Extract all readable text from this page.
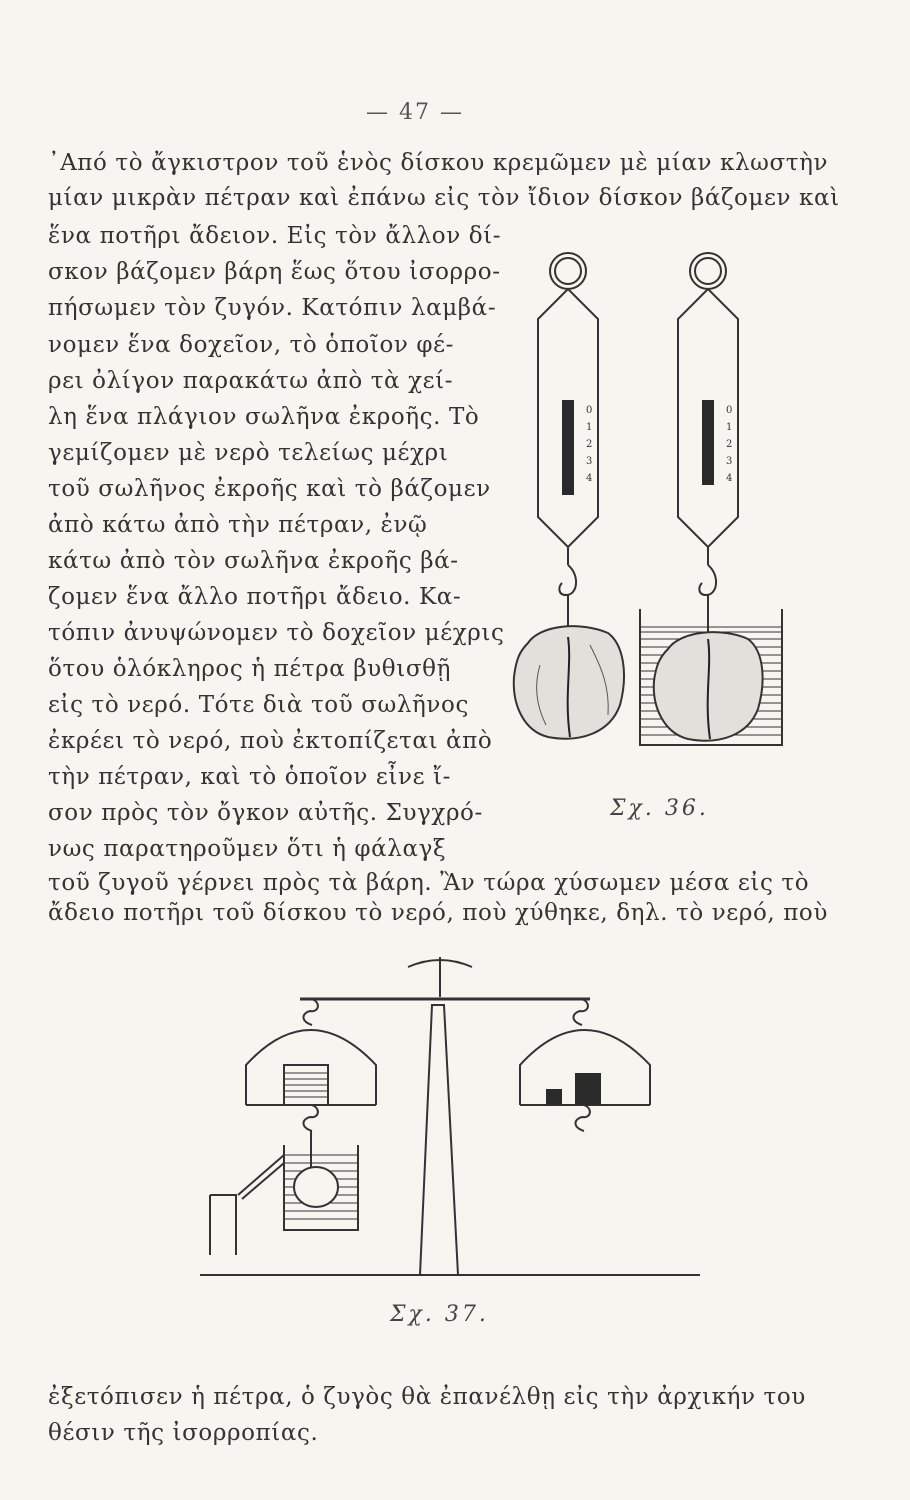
— 47 —
᾿Από τὸ ἄγκιστρον τοῦ ἑνὸς δίσκου κρεμῶμεν μὲ μίαν κλωστὴν
μίαν μικρὰν πέτραν καὶ ἐπάνω εἰς τὸν ἴδιον δίσκον βάζομεν καὶ
ἕνα ποτῆρι ἄδειον. Εἰς τὸν ἄλλον δί-
σκον βάζομεν βάρη ἕως ὅτου ἰσορρο-
πήσωμεν τὸν ζυγόν. Κατόπιν λαμβά-
νομεν ἕνα δοχεῖον, τὸ ὁποῖον φέ-
ρει ὀλίγον παρακάτω ἀπὸ τὰ χεί-
λη ἕνα πλάγιον σωλῆνα ἐκροῆς. Τὸ
γεμίζομεν μὲ νερὸ τελείως μέχρι
τοῦ σωλῆνος ἐκροῆς καὶ τὸ βάζομεν
ἀπὸ κάτω ἀπὸ τὴν πέτραν, ἐνῷ
κάτω ἀπὸ τὸν σωλῆνα ἐκροῆς βά-
ζομεν ἕνα ἄλλο ποτῆρι ἄδειο. Κα-
τόπιν ἀνυψώνομεν τὸ δοχεῖον μέχρις
ὅτου ὁλόκληρος ἡ πέτρα βυθισθῇ
εἰς τὸ νερό. Τότε διὰ τοῦ σωλῆνος
ἐκρέει τὸ νερό, ποὺ ἐκτοπίζεται ἀπὸ
τὴν πέτραν, καὶ τὸ ὁποῖον εἶνε ἴ-
σον πρὸς τὸν ὄγκον αὐτῆς. Συγχρό-
νως παρατηροῦμεν ὅτι ἡ φάλαγξ
τοῦ ζυγοῦ γέρνει πρὸς τὰ βάρη. Ἂν τώρα χύσωμεν μέσα εἰς τὸ
ἄδειο ποτῆρι τοῦ δίσκου τὸ νερό, ποὺ χύθηκε, δηλ. τὸ νερό, ποὺ
0
1
2
3
4
0
1
2
3
4
Σχ. 36.
Σχ. 37.
ἐξετόπισεν ἡ πέτρα, ὁ ζυγὸς θὰ ἐπανέλθῃ εἰς τὴν ἀρχικήν του
θέσιν τῆς ἰσορροπίας.
